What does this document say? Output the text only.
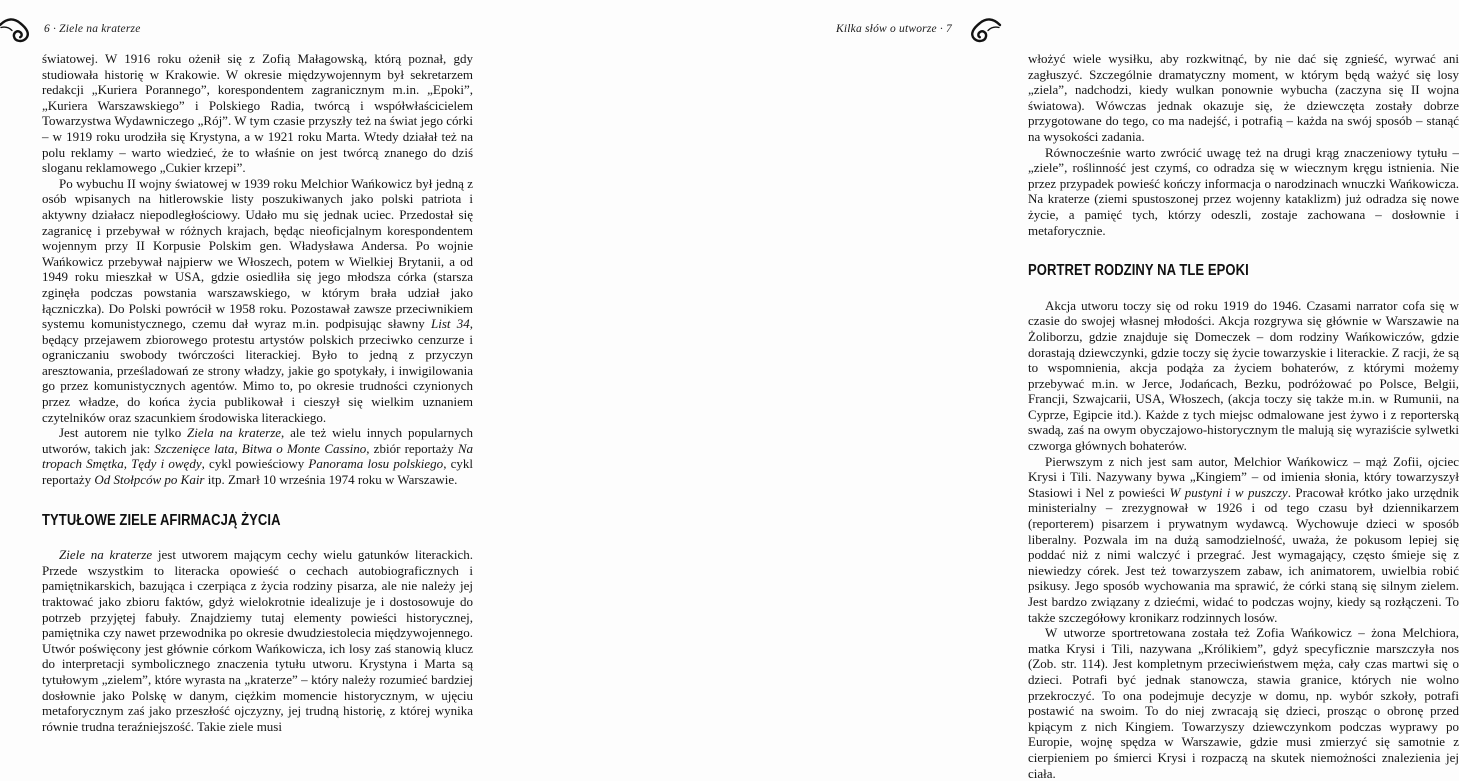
6 · Ziele na kraterze

światowej. W 1916 roku ożenił się z Zofią Małagowską, którą poznał, gdy studiowała historię w Krakowie. W okresie międzywojennym był sekretarzem redakcji „Kuriera Porannego”, korespondentem zagranicznym m.in. „Epoki”, „Kuriera Warszawskiego” i Polskiego Radia, twórcą i współwłaścicielem Towarzystwa Wydawniczego „Rój”. W tym czasie przyszły też na świat jego córki – w 1919 roku urodziła się Krystyna, a w 1921 roku Marta. Wtedy działał też na polu reklamy – warto wiedzieć, że to właśnie on jest twórcą znanego do dziś sloganu reklamowego „Cukier krzepi”.

Po wybuchu II wojny światowej w 1939 roku Melchior Wańkowicz był jedną z osób wpisanych na hitlerowskie listy poszukiwanych jako polski patriota i aktywny działacz niepodległościowy. Udało mu się jednak uciec. Przedostał się zagranicę i przebywał w różnych krajach, będąc nieoficjalnym korespondentem wojennym przy II Korpusie Polskim gen. Władysława Andersa. Po wojnie Wańkowicz przebywał najpierw we Włoszech, potem w Wielkiej Brytanii, a od 1949 roku mieszkał w USA, gdzie osiedliła się jego młodsza córka (starsza zginęła podczas powstania warszawskiego, w którym brała udział jako łączniczka). Do Polski powrócił w 1958 roku. Pozostawał zawsze przeciwnikiem systemu komunistycznego, czemu dał wyraz m.in. podpisując sławny List 34, będący przejawem zbiorowego protestu artystów polskich przeciwko cenzurze i ograniczaniu swobody twórczości literackiej. Było to jedną z przyczyn aresztowania, prześladowań ze strony władzy, jakie go spotykały, i inwigilowania go przez komunistycznych agentów. Mimo to, po okresie trudności czynionych przez władze, do końca życia publikował i cieszył się wielkim uznaniem czytelników oraz szacunkiem środowiska literackiego.

Jest autorem nie tylko Ziela na kraterze, ale też wielu innych popularnych utworów, takich jak: Szczenięce lata, Bitwa o Monte Cassino, zbiór reportaży Na tropach Smętka, Tędy i owędy, cykl powieściowy Panorama losu polskiego, cykl reportaży Od Stołpców po Kair itp. Zmarł 10 września 1974 roku w Warszawie.

TYTUŁOWE ZIELE AFIRMACJĄ ŻYCIA

Ziele na kraterze jest utworem mającym cechy wielu gatunków literackich. Przede wszystkim to literacka opowieść o cechach autobiograficznych i pamiętnikarskich, bazująca i czerpiąca z życia rodziny pisarza, ale nie należy jej traktować jako zbioru faktów, gdyż wielokrotnie idealizuje je i dostosowuje do potrzeb przyjętej fabuły. Znajdziemy tutaj elementy powieści historycznej, pamiętnika czy nawet przewodnika po okresie dwudziestolecia międzywojennego. Utwór poświęcony jest głównie córkom Wańkowicza, ich losy zaś stanowią klucz do interpretacji symbolicznego znaczenia tytułu utworu. Krystyna i Marta są tytułowym „zielem”, które wyrasta na „kraterze” – który należy rozumieć bardziej dosłownie jako Polskę w danym, ciężkim momencie historycznym, w ujęciu metaforycznym zaś jako przeszłość ojczyzny, jej trudną historię, z której wynika równie trudna teraźniejszość. Takie ziele musi

Kilka słów o utworze · 7

włożyć wiele wysiłku, aby rozkwitnąć, by nie dać się zgnieść, wyrwać ani zagłuszyć. Szczególnie dramatyczny moment, w którym będą ważyć się losy „ziela”, nadchodzi, kiedy wulkan ponownie wybucha (zaczyna się II wojna światowa). Wówczas jednak okazuje się, że dziewczęta zostały dobrze przygotowane do tego, co ma nadejść, i potrafią – każda na swój sposób – stanąć na wysokości zadania.

Równocześnie warto zwrócić uwagę też na drugi krąg znaczeniowy tytułu – „ziele”, roślinność jest czymś, co odradza się w wiecznym kręgu istnienia. Nie przez przypadek powieść kończy informacja o narodzinach wnuczki Wańkowicza. Na kraterze (ziemi spustoszonej przez wojenny kataklizm) już odradza się nowe życie, a pamięć tych, którzy odeszli, zostaje zachowana – dosłownie i metaforycznie.

PORTRET RODZINY NA TLE EPOKI

Akcja utworu toczy się od roku 1919 do 1946. Czasami narrator cofa się w czasie do swojej własnej młodości. Akcja rozgrywa się głównie w Warszawie na Żoliborzu, gdzie znajduje się Domeczek – dom rodziny Wańkowiczów, gdzie dorastają dziewczynki, gdzie toczy się życie towarzyskie i literackie. Z racji, że są to wspomnienia, akcja podąża za życiem bohaterów, z którymi możemy przebywać m.in. w Jerce, Jodańcach, Bezku, podróżować po Polsce, Belgii, Francji, Szwajcarii, USA, Włoszech, (akcja toczy się także m.in. w Rumunii, na Cyprze, Egipcie itd.). Każde z tych miejsc odmalowane jest żywo i z reporterską swadą, zaś na owym obyczajowo-historycznym tle malują się wyraziście sylwetki czworga głównych bohaterów.

Pierwszym z nich jest sam autor, Melchior Wańkowicz – mąż Zofii, ojciec Krysi i Tili. Nazywany bywa „Kingiem” – od imienia słonia, który towarzyszył Stasiowi i Nel z powieści W pustyni i w puszczy. Pracował krótko jako urzędnik ministerialny – zrezygnował w 1926 i od tego czasu był dziennikarzem (reporterem) pisarzem i prywatnym wydawcą. Wychowuje dzieci w sposób liberalny. Pozwala im na dużą samodzielność, uważa, że pokusom lepiej się poddać niż z nimi walczyć i przegrać. Jest wymagający, często śmieje się z niewiedzy córek. Jest też towarzyszem zabaw, ich animatorem, uwielbia robić psikusy. Jego sposób wychowania ma sprawić, że córki staną się silnym zielem. Jest bardzo związany z dziećmi, widać to podczas wojny, kiedy są rozłączeni. To także szczegółowy kronikarz rodzinnych losów.

W utworze sportretowana została też Zofia Wańkowicz – żona Melchiora, matka Krysi i Tili, nazywana „Królikiem”, gdyż specyficznie marszczyła nos (Zob. str. 114). Jest kompletnym przeciwieństwem męża, cały czas martwi się o dzieci. Potrafi być jednak stanowcza, stawia granice, których nie wolno przekroczyć. To ona podejmuje decyzje w domu, np. wybór szkoły, potrafi postawić na swoim. To do niej zwracają się dzieci, prosząc o obronę przed kpiącym z nich Kingiem. Towarzyszy dziewczynkom podczas wyprawy po Europie, wojnę spędza w Warszawie, gdzie musi zmierzyć się samotnie z cierpieniem po śmierci Krysi i rozpaczą na skutek niemożności znalezienia jej ciała.
